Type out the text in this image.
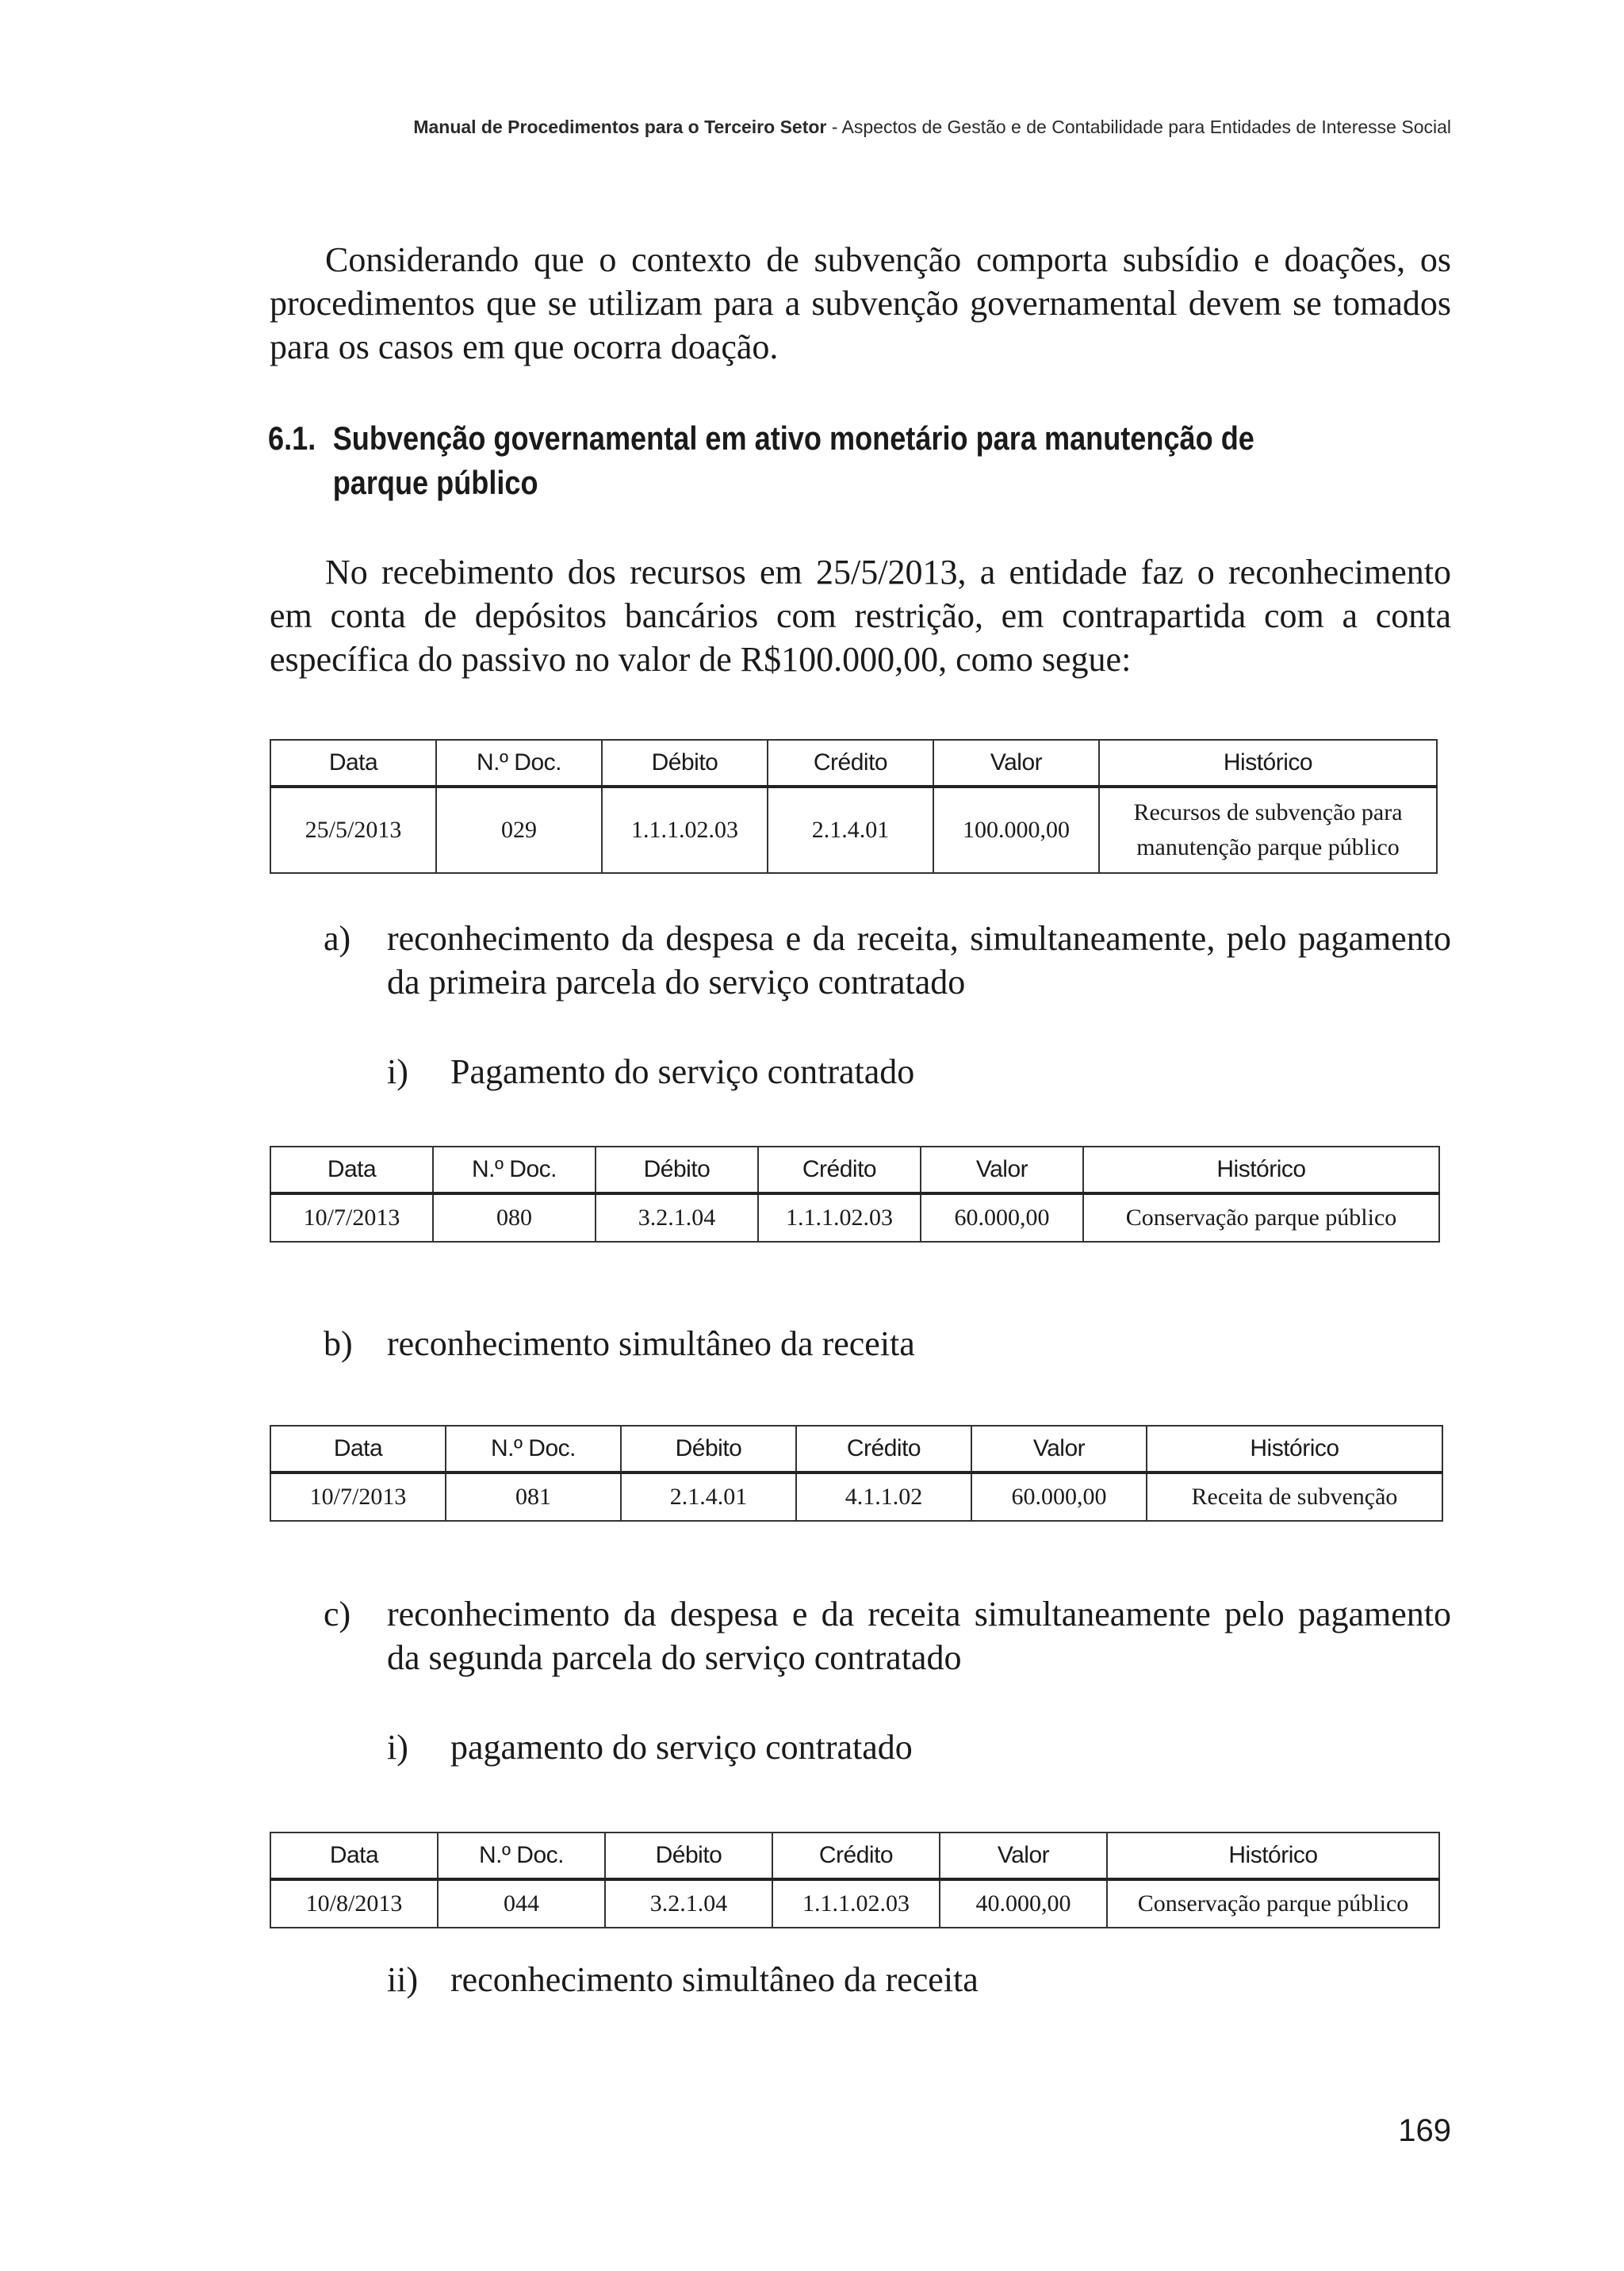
Manual de Procedimentos para o Terceiro Setor - Aspectos de Gestão e de Contabilidade para Entidades de Interesse Social

Considerando que o contexto de subvenção comporta subsídio e doações, os procedimentos que se utilizam para a subvenção governamental devem se tomados para os casos em que ocorra doação.

6.1. Subvenção governamental em ativo monetário para manutenção de
parque público

No recebimento dos recursos em 25/5/2013, a entidade faz o reconhecimento em conta de depósitos bancários com restrição, em contrapartida com a conta específica do passivo no valor de R$100.000,00, como segue:

Data	N.º Doc.	Débito	Crédito	Valor	Histórico
25/5/2013	029	1.1.1.02.03	2.1.4.01	100.000,00	Recursos de subvenção para
manutenção parque público
a) reconhecimento da despesa e da receita, simultaneamente, pelo pagamento da primeira parcela do serviço contratado
i) Pagamento do serviço contratado
Data	N.º Doc.	Débito	Crédito	Valor	Histórico
10/7/2013	080	3.2.1.04	1.1.1.02.03	60.000,00	Conservação parque público
b) reconhecimento simultâneo da receita
Data	N.º Doc.	Débito	Crédito	Valor	Histórico
10/7/2013	081	2.1.4.01	4.1.1.02	60.000,00	Receita de subvenção
c) reconhecimento da despesa e da receita simultaneamente pelo pagamento da segunda parcela do serviço contratado
i) pagamento do serviço contratado
Data	N.º Doc.	Débito	Crédito	Valor	Histórico
10/8/2013	044	3.2.1.04	1.1.1.02.03	40.000,00	Conservação parque público
ii) reconhecimento simultâneo da receita
169
